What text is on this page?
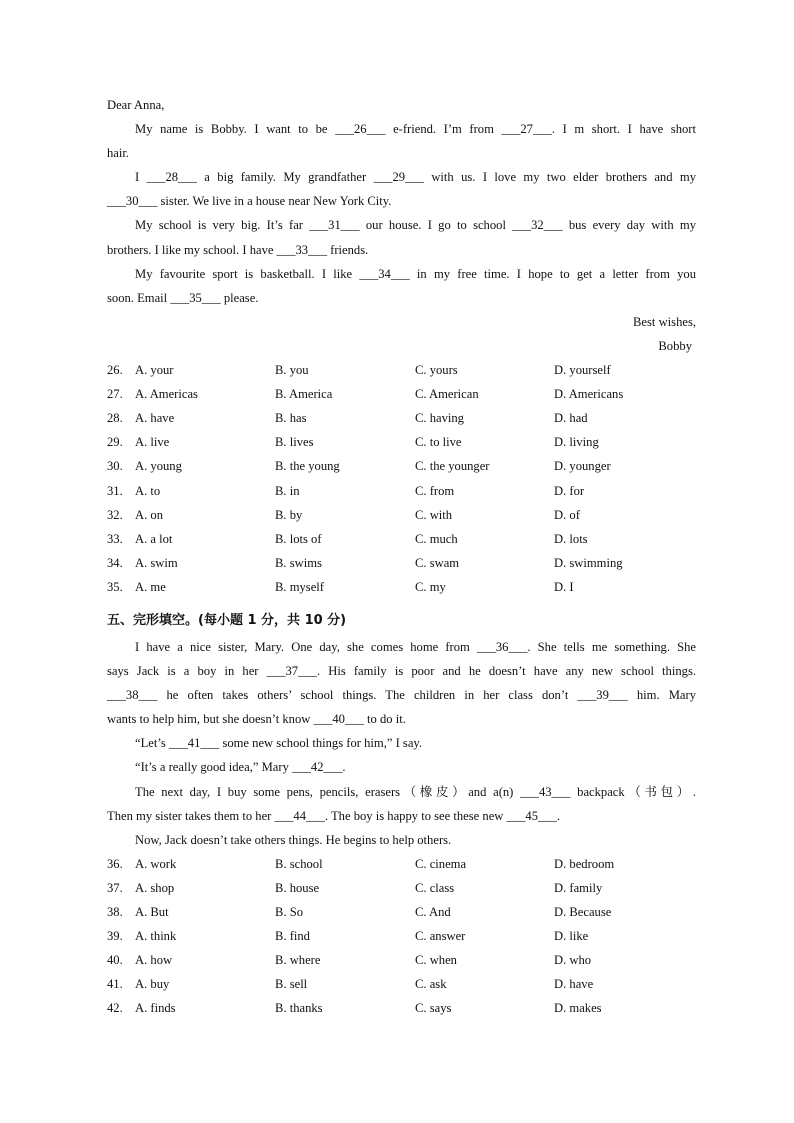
Dear Anna,
My name is Bobby. I want to be ___26___ e-friend. I’m from ___27___. I m short. I have short
hair.
I ___28___ a big family. My grandfather ___29___ with us. I love my two elder brothers and my
___30___ sister. We live in a house near New York City.
My school is very big. It’s far ___31___ our house. I go to school ___32___ bus every day with my
brothers. I like my school. I have ___33___ friends.
My favourite sport is basketball. I like ___34___ in my free time. I hope to get a letter from you
soon. Email ___35___ please.
Best wishes,
Bobby
26. A. your	B. you	C. yours	D. yourself
27. A. Americas	B. America	C. American	D. Americans
28. A. have	B. has	C. having	D. had
29. A. live	B. lives	C. to live	D. living
30. A. young	B. the young	C. the younger	D. younger
31. A. to	B. in	C. from	D. for
32. A. on	B. by	C. with	D. of
33. A. a lot	B. lots of	C. much	D. lots
34. A. swim	B. swims	C. swam	D. swimming
35. A. me	B. myself	C. my	D. I
五、完形填空。(每小题 1 分，共 10 分)
I have a nice sister, Mary. One day, she comes home from ___36___. She tells me something. She
says Jack is a boy in her ___37___. His family is poor and he doesn’t have any new school things.
___38___ he often takes others’ school things. The children in her class don’t ___39___ him. Mary
wants to help him, but she doesn’t know ___40___ to do it.
“Let’s ___41___ some new school things for him,” I say.
“It’s a really good idea,” Mary ___42___.
The next day, I buy some pens, pencils, erasers（橡皮）and a(n) ___43___ backpack（书包）.
Then my sister takes them to her ___44___. The boy is happy to see these new ___45___.
Now, Jack doesn’t take others things. He begins to help others.
36. A. work	B. school	C. cinema	D. bedroom
37. A. shop	B. house	C. class	D. family
38. A. But	B. So	C. And	D. Because
39. A. think	B. find	C. answer	D. like
40. A. how	B. where	C. when	D. who
41. A. buy	B. sell	C. ask	D. have
42. A. finds	B. thanks	C. says	D. makes
